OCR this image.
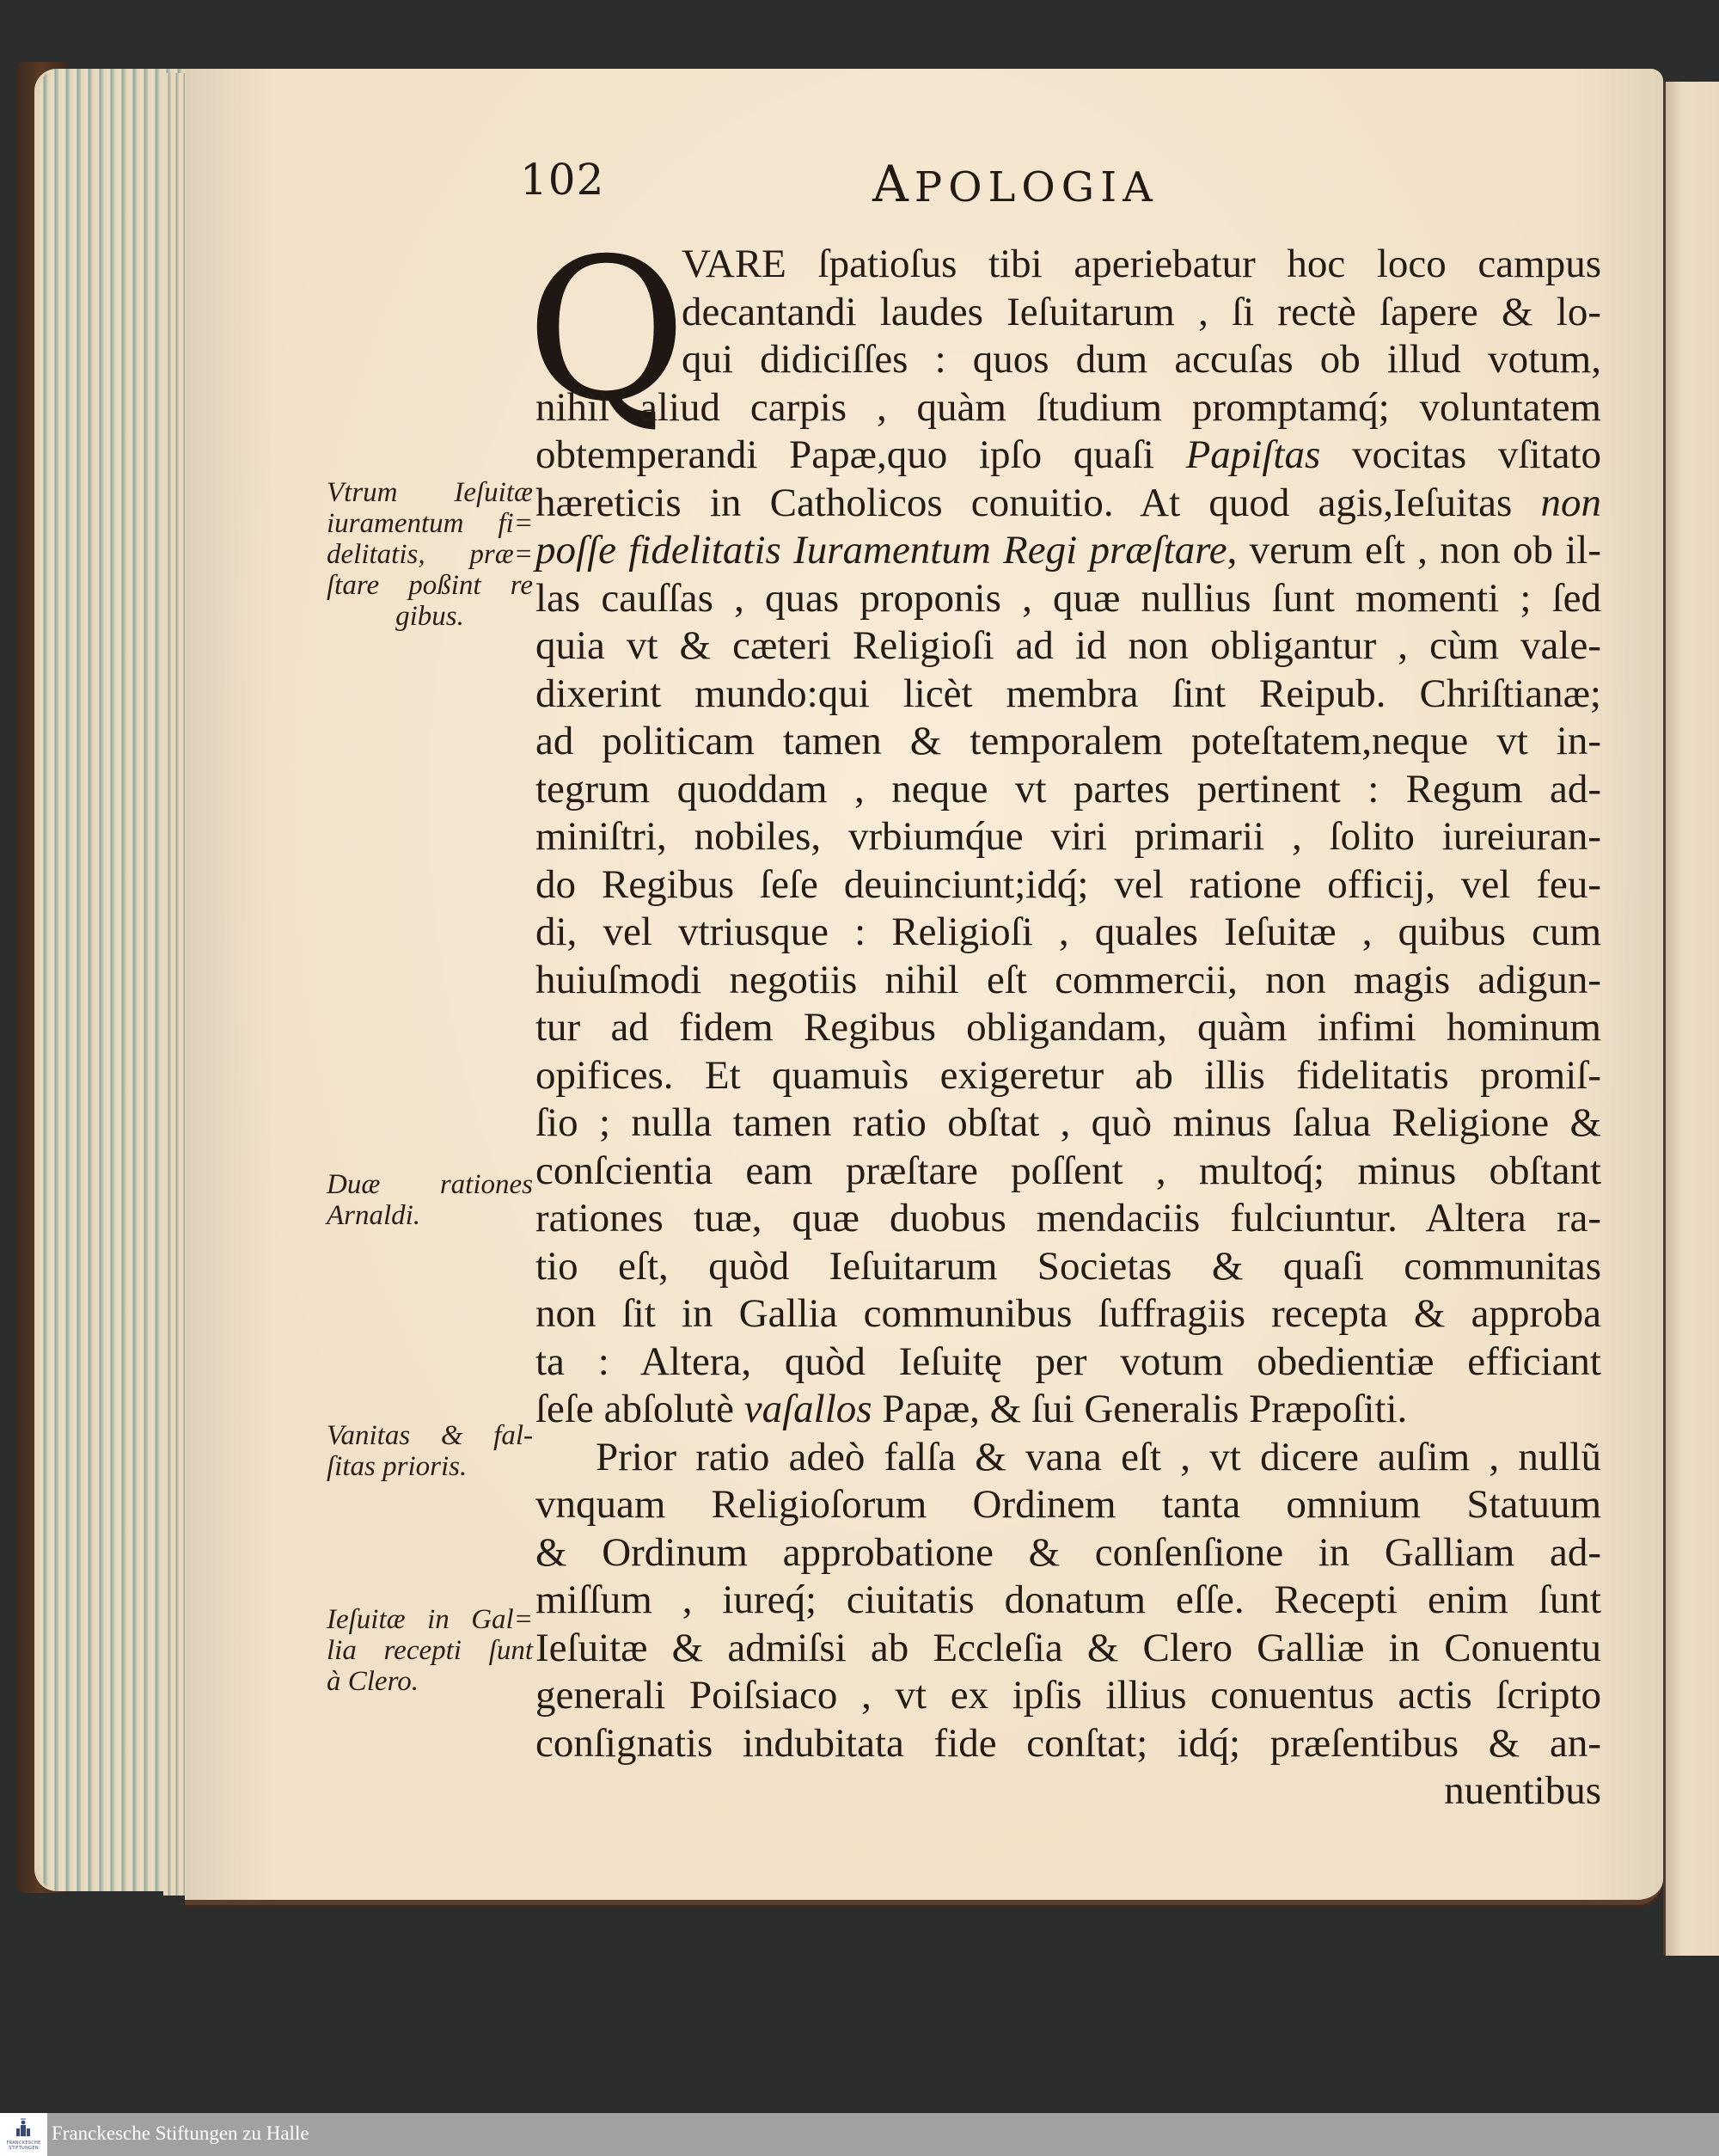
102	APOLOGIA
Q
VARE ſpatioſus tibi aperiebatur hoc loco campus
decantandi laudes Ieſuitarum , ſi rectè ſapere & lo-
qui didiciſſes : quos dum accuſas ob illud votum,
nihil aliud carpis , quàm ſtudium promptamq́; voluntatem
obtemperandi Papæ,quo ipſo quaſi Papiſtas vocitas vſitato
hæreticis in Catholicos conuitio. At quod agis,Ieſuitas non
poſſe fidelitatis Iuramentum Regi præſtare, verum eſt , non ob il-
las cauſſas , quas proponis , quæ nullius ſunt momenti ; ſed
quia vt & cæteri Religioſi ad id non obligantur , cùm vale-
dixerint mundo:qui licèt membra ſint Reipub. Chriſtianæ;
ad politicam tamen & temporalem poteſtatem,neque vt in-
tegrum quoddam , neque vt partes pertinent : Regum ad-
miniſtri, nobiles, vrbiumq́ue viri primarii , ſolito iureiuran-
do Regibus ſeſe deuinciunt;idq́; vel ratione officij, vel feu-
di, vel vtriusque : Religioſi , quales Ieſuitæ , quibus cum
huiuſmodi negotiis nihil eſt commercii, non magis adigun-
tur ad fidem Regibus obligandam, quàm infimi hominum
opifices. Et quamuìs exigeretur ab illis fidelitatis promiſ-
ſio ; nulla tamen ratio obſtat , quò minus ſalua Religione &
conſcientia eam præſtare poſſent , multoq́; minus obſtant
rationes tuæ, quæ duobus mendaciis fulciuntur. Altera ra-
tio eſt, quòd Ieſuitarum Societas & quaſi communitas
non ſit in Gallia communibus ſuffragiis recepta & approba
ta : Altera, quòd Ieſuitę per votum obedientiæ efficiant
ſeſe abſolutè vaſallos Papæ, & ſui Generalis Præpoſiti.
Prior ratio adeò falſa & vana eſt , vt dicere auſim , nullũ
vnquam Religioſorum Ordinem tanta omnium Statuum
& Ordinum approbatione & conſenſione in Galliam ad-
miſſum , iureq́; ciuitatis donatum eſſe. Recepti enim ſunt
Ieſuitæ & admiſsi ab Eccleſia & Clero Galliæ in Conuentu
generali Poiſsiaco , vt ex ipſis illius conuentus actis ſcripto
conſignatis indubitata fide conſtat; idq́; præſentibus & an-
nuentibus
Vtrum Ieſuitæ
iuramentum fi=
delitatis, præ=
ſtare poßint re
gibus.
Duæ rationes
Arnaldi.
Vanitas & fal-
ſitas prioris.
Ieſuitæ in Gal=
lia recepti ſunt
à Clero.
FRANCKESCHE
STIFTUNGEN
Franckesche Stiftungen zu Halle
